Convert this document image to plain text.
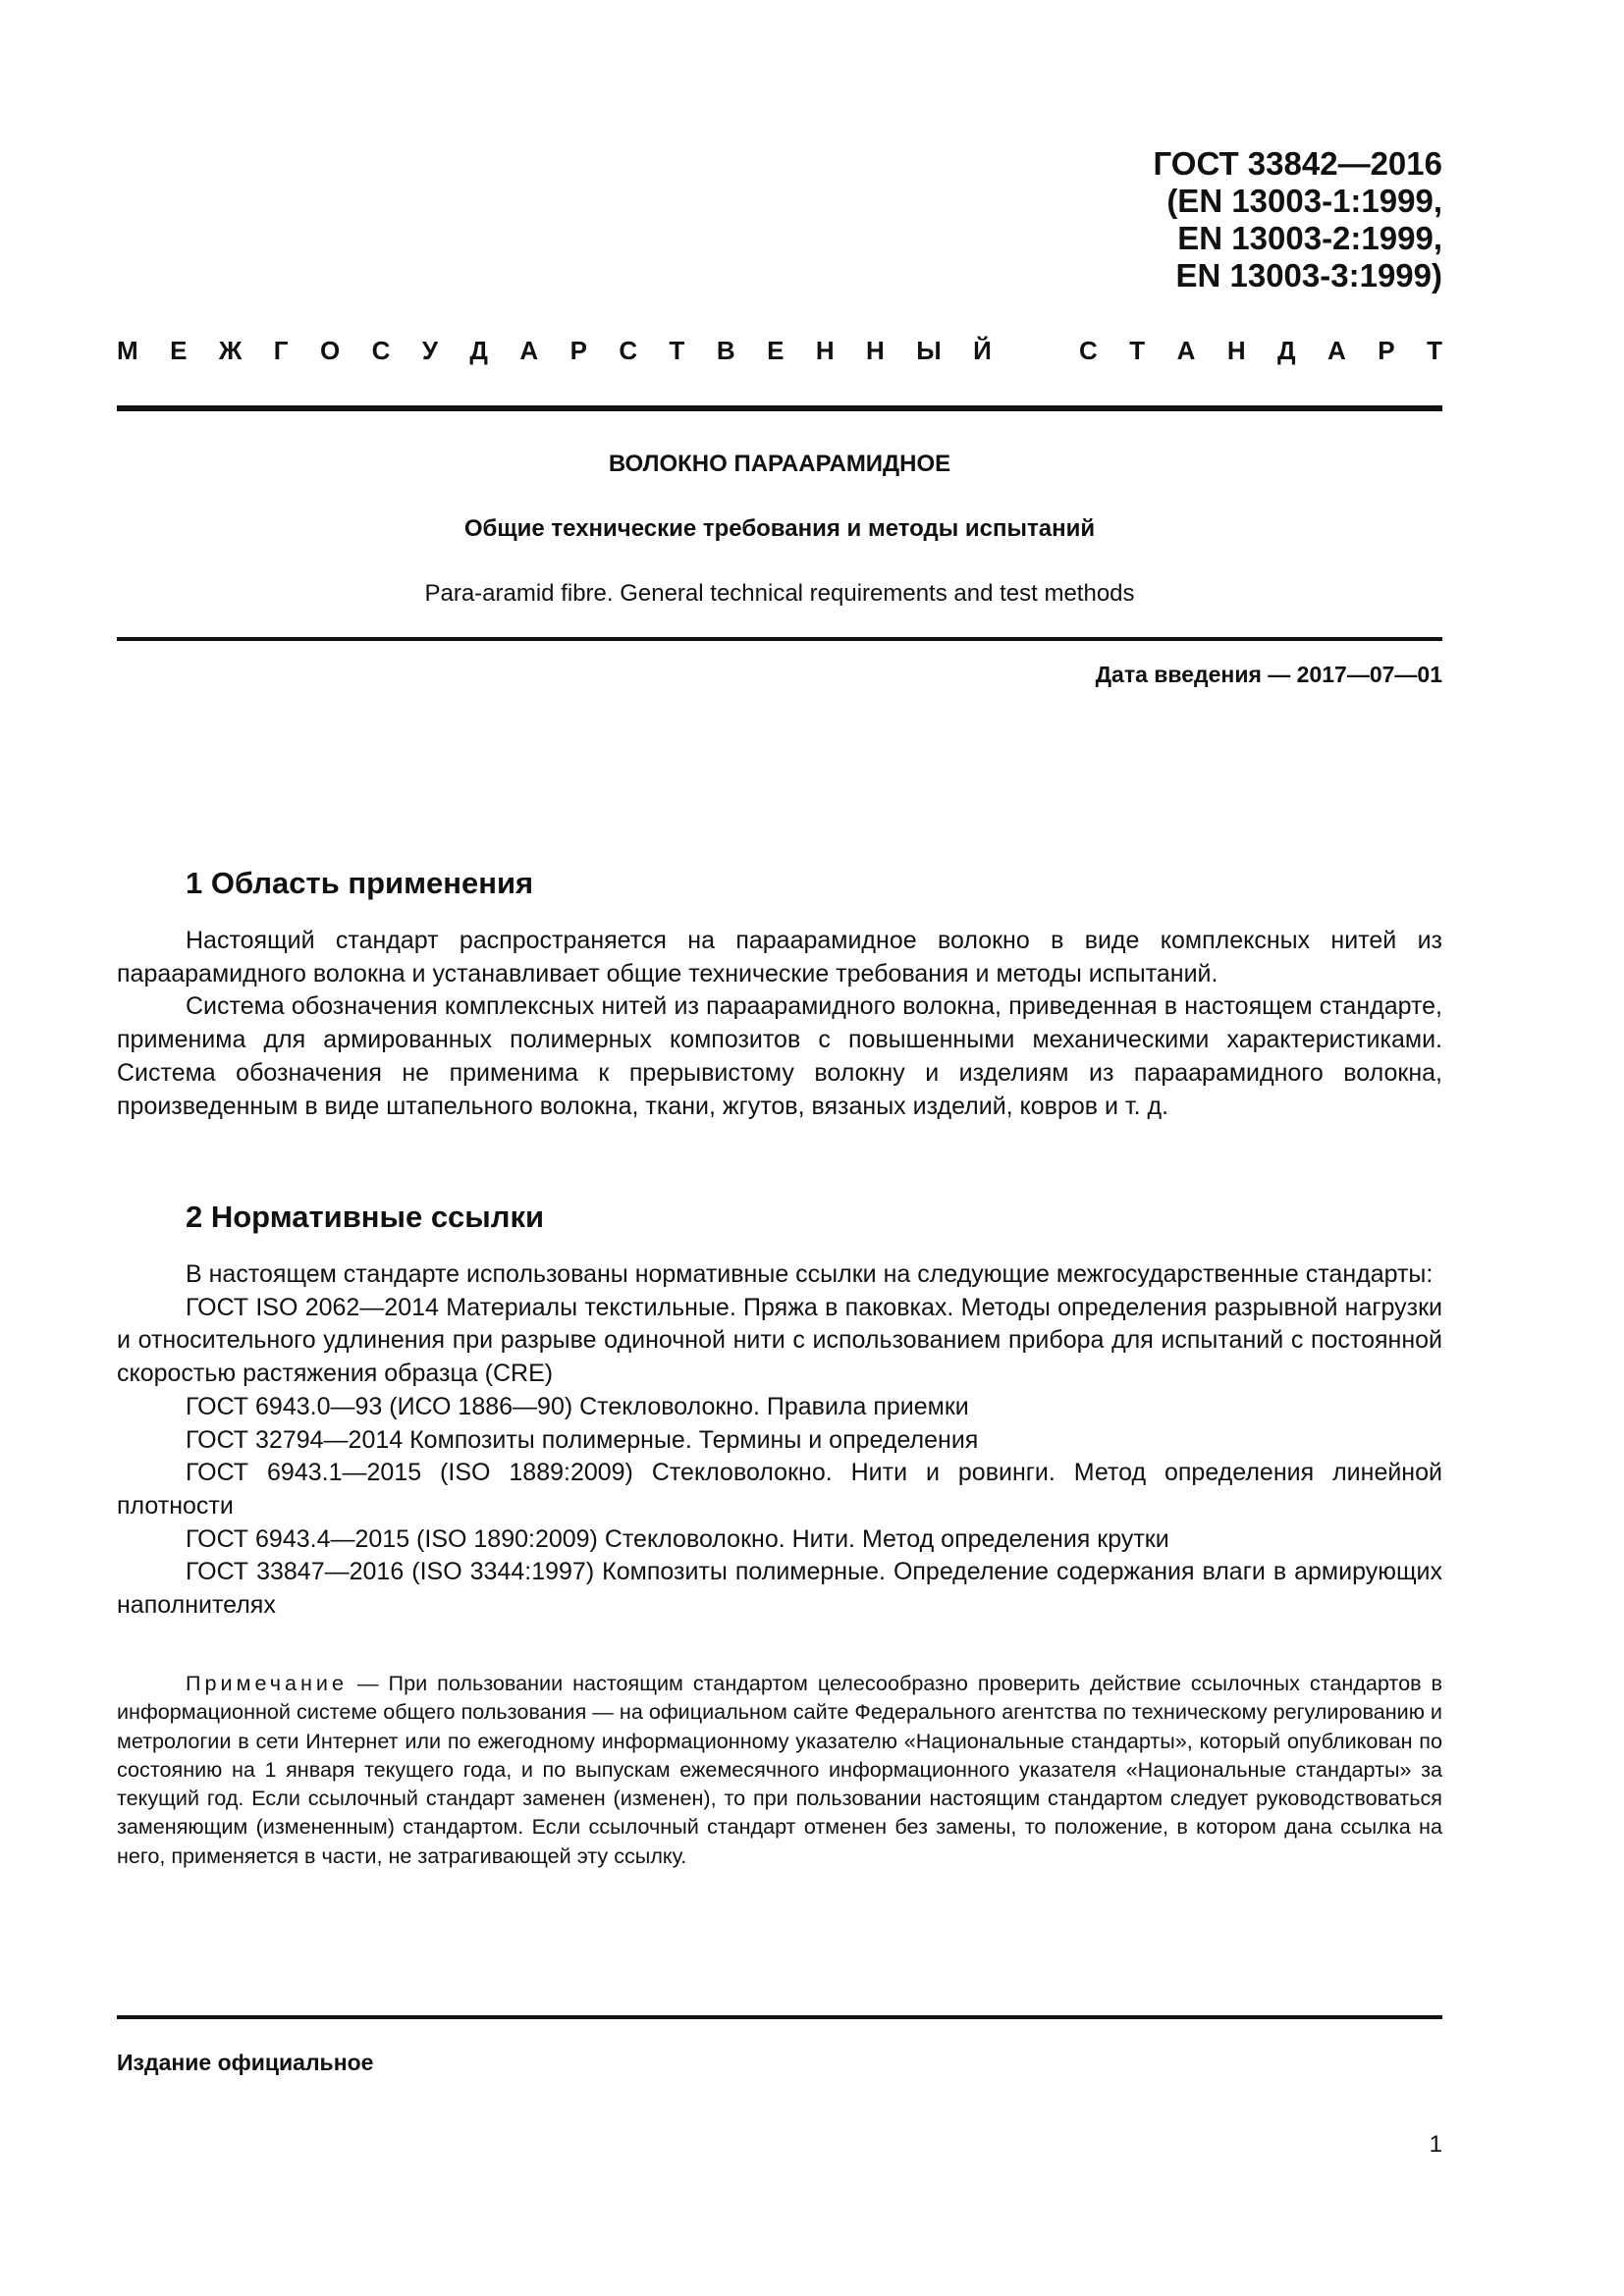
ГОСТ 33842—2016
(EN 13003-1:1999,
EN 13003-2:1999,
EN 13003-3:1999)
М Е Ж Г О С У Д А Р С Т В Е Н Н Ы Й	С Т А Н Д А Р Т
ВОЛОКНО ПАРААРАМИДНОЕ
Общие технические требования и методы испытаний
Para-aramid fibre. General technical requirements and test methods
Дата введения — 2017—07—01
1 Область применения

Настоящий стандарт распространяется на параарамидное волокно в виде комплексных нитей из параарамидного волокна и устанавливает общие технические требования и методы испытаний.

Система обозначения комплексных нитей из параарамидного волокна, приведенная в настоящем стандарте, применима для армированных полимерных композитов с повышенными механическими характеристиками. Система обозначения не применима к прерывистому волокну и изделиям из параарамидного волокна, произведенным в виде штапельного волокна, ткани, жгутов, вязаных изделий, ковров и т. д.

2 Нормативные ссылки

В настоящем стандарте использованы нормативные ссылки на следующие межгосударственные стандарты:

ГОСТ ISO 2062—2014 Материалы текстильные. Пряжа в паковках. Методы определения разрывной нагрузки и относительного удлинения при разрыве одиночной нити с использованием прибора для испытаний с постоянной скоростью растяжения образца (CRE)

ГОСТ 6943.0—93 (ИСО 1886—90) Стекловолокно. Правила приемки

ГОСТ 32794—2014 Композиты полимерные. Термины и определения

ГОСТ 6943.1—2015 (ISO 1889:2009) Стекловолокно. Нити и ровинги. Метод определения линейной плотности

ГОСТ 6943.4—2015 (ISO 1890:2009) Стекловолокно. Нити. Метод определения крутки

ГОСТ 33847—2016 (ISO 3344:1997) Композиты полимерные. Определение содержания влаги в армирующих наполнителях

Примечание — При пользовании настоящим стандартом целесообразно проверить действие ссылочных стандартов в информационной системе общего пользования — на официальном сайте Федерального агентства по техническому регулированию и метрологии в сети Интернет или по ежегодному информационному указателю «Национальные стандарты», который опубликован по состоянию на 1 января текущего года, и по выпускам ежемесячного информационного указателя «Национальные стандарты» за текущий год. Если ссылочный стандарт заменен (изменен), то при пользовании настоящим стандартом следует руководствоваться заменяющим (измененным) стандартом. Если ссылочный стандарт отменен без замены, то положение, в котором дана ссылка на него, применяется в части, не затрагивающей эту ссылку.

Издание официальное
1
